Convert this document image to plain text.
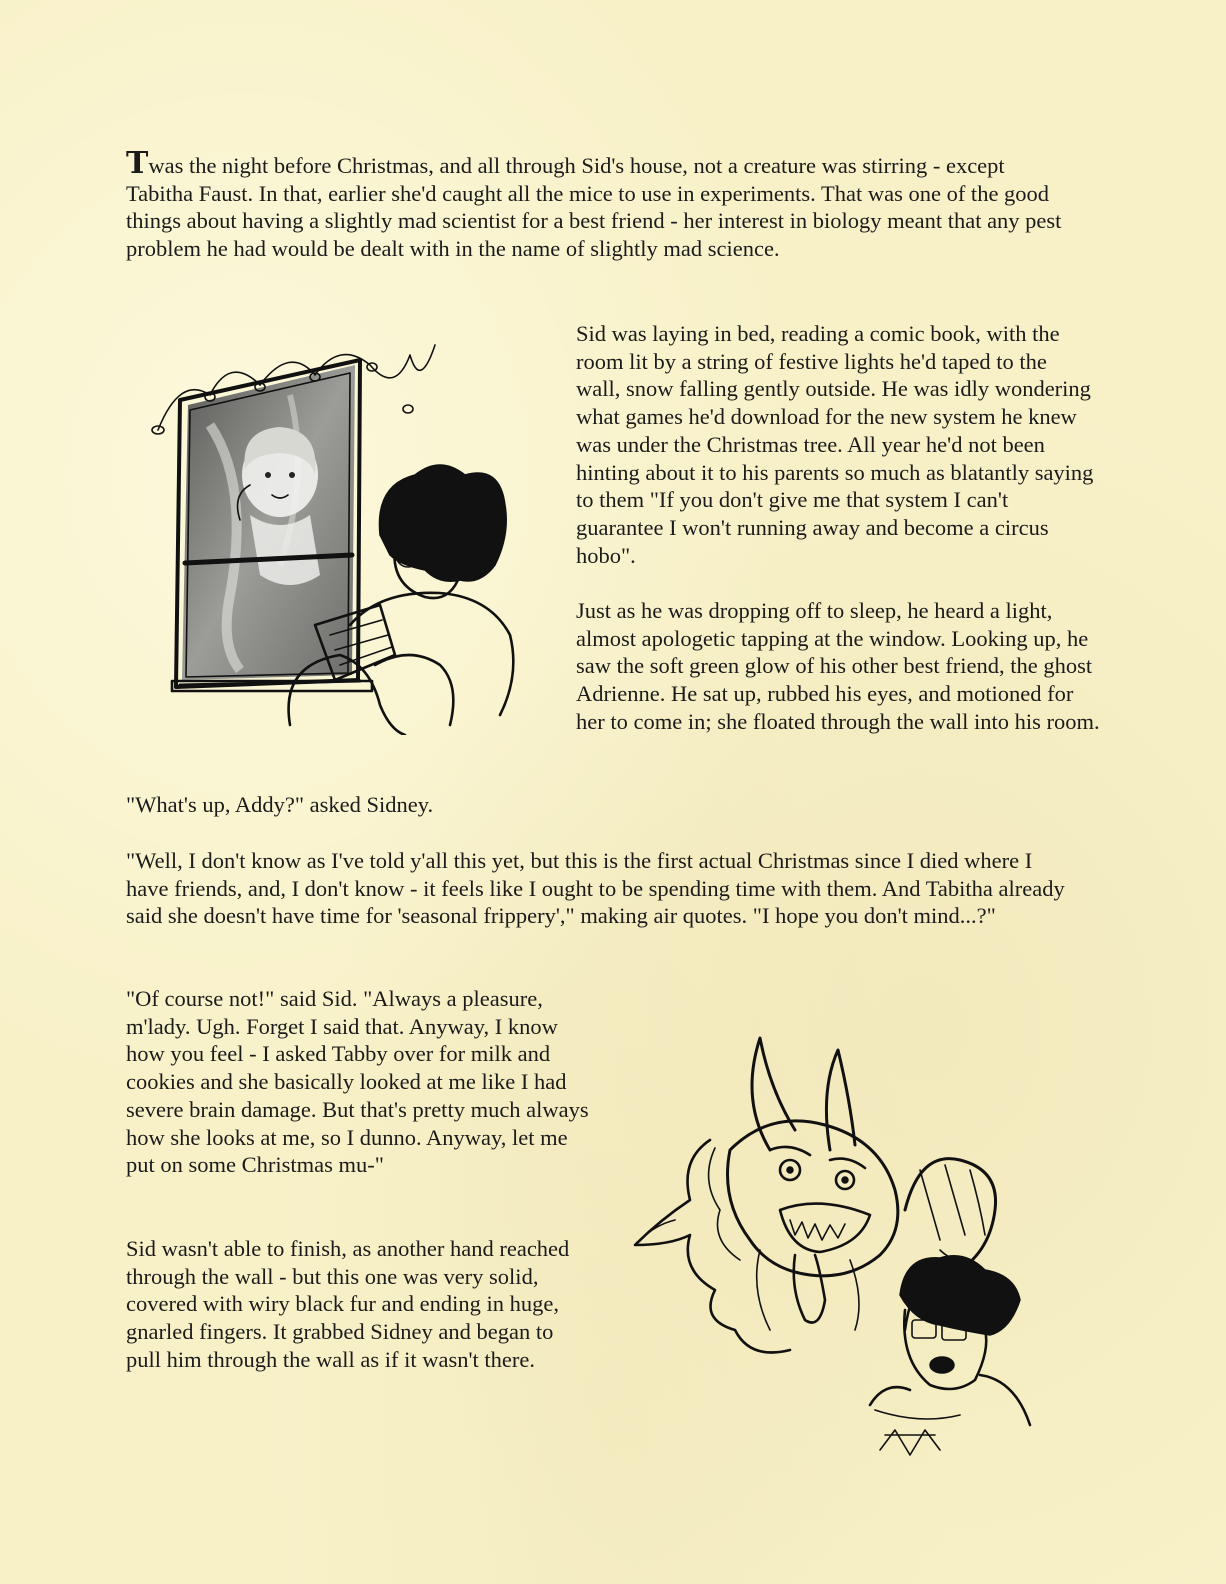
Twas the night before Christmas, and all through Sid's house, not a creature was stirring - except Tabitha Faust. In that, earlier she'd caught all the mice to use in experiments. That was one of the good things about having a slightly mad scientist for a best friend - her interest in biology meant that any pest problem he had would be dealt with in the name of slightly mad science.

Sid was laying in bed, reading a comic book, with the room lit by a string of festive lights he'd taped to the wall, snow falling gently outside. He was idly wondering what games he'd download for the new system he knew was under the Christmas tree. All year he'd not been hinting about it to his parents so much as blatantly saying to them "If you don't give me that system I can't guarantee I won't running away and become a circus hobo".

Just as he was dropping off to sleep, he heard a light, almost apologetic tapping at the window. Looking up, he saw the soft green glow of his other best friend, the ghost Adrienne. He sat up, rubbed his eyes, and motioned for her to come in; she floated through the wall into his room.

"What's up, Addy?" asked Sidney.

"Well, I don't know as I've told y'all this yet, but this is the first actual Christmas since I died where I have friends, and, I don't know - it feels like I ought to be spending time with them. And Tabitha already said she doesn't have time for 'seasonal frippery'," making air quotes. "I hope you don't mind...?"

"Of course not!" said Sid. "Always a pleasure, m'lady. Ugh. Forget I said that. Anyway, I know how you feel - I asked Tabby over for milk and cookies and she basically looked at me like I had severe brain damage. But that's pretty much always how she looks at me, so I dunno. Anyway, let me put on some Christmas mu-"

Sid wasn't able to finish, as another hand reached through the wall - but this one was very solid, covered with wiry black fur and ending in huge, gnarled fingers. It grabbed Sidney and began to pull him through the wall as if it wasn't there.
